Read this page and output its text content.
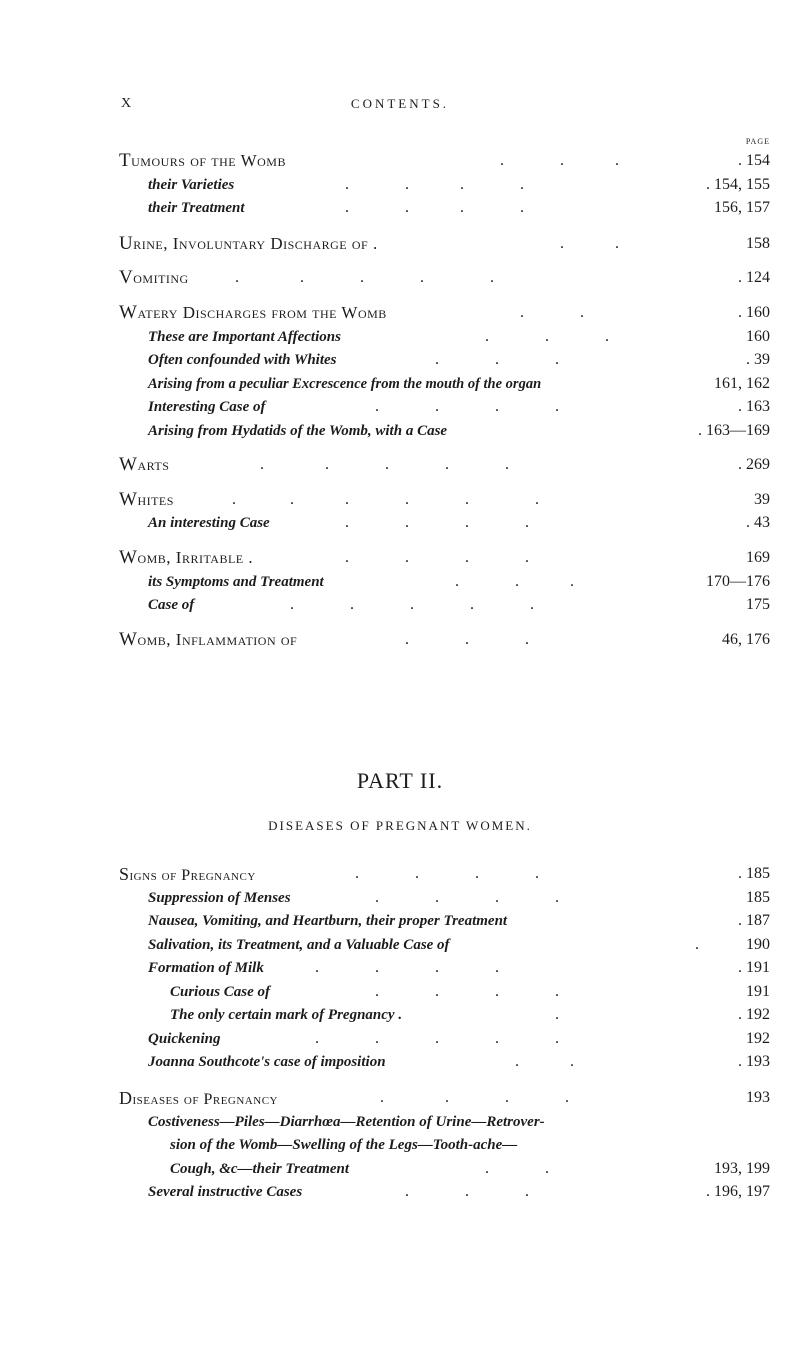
X	CONTENTS.
PAGE
Tumours of the Womb	.	.	.	. 154
their Varieties	.	.	.	.	. 154, 155
their Treatment	.	.	.	.	156, 157
Urine, Involuntary Discharge of .	.	.	158
Vomiting	.	.	.	.	.	. 124
Watery Discharges from the Womb	.	.	. 160
These are Important Affections	.	.	.	160
Often confounded with Whites	.	.	.	. 39
Arising from a peculiar Excrescence from the mouth of the organ	161, 162
Interesting Case of	.	.	.	.	. 163
Arising from Hydatids of the Womb, with a Case	. 163—169
Warts	.	.	.	.	.	. 269
Whites	.	.	.	.	.	.	39
An interesting Case	.	.	.	.	. 43
Womb, Irritable .	.	.	.	.	169
its Symptoms and Treatment	.	.	.	170—176
Case of	.	.	.	.	.	175
Womb, Inflammation of	.	.	.	46, 176
PART II.
DISEASES OF PREGNANT WOMEN.
Signs of Pregnancy	.	.	.	.	. 185
Suppression of Menses	.	.	.	.	185
Nausea, Vomiting, and Heartburn, their proper Treatment	. 187
Salivation, its Treatment, and a Valuable Case of	.	190
Formation of Milk	.	.	.	.	. 191
Curious Case of	.	.	.	.	191
The only certain mark of Pregnancy .	.	. 192
Quickening	.	.	.	.	.	192
Joanna Southcote's case of imposition	.	.	. 193
Diseases of Pregnancy	.	.	.	.	193
Costiveness—Piles—Diarrhœa—Retention of Urine—Retrover-
sion of the Womb—Swelling of the Legs—Tooth-ache—
Cough, &c—their Treatment	.	.	193, 199
Several instructive Cases	.	.	.	. 196, 197
